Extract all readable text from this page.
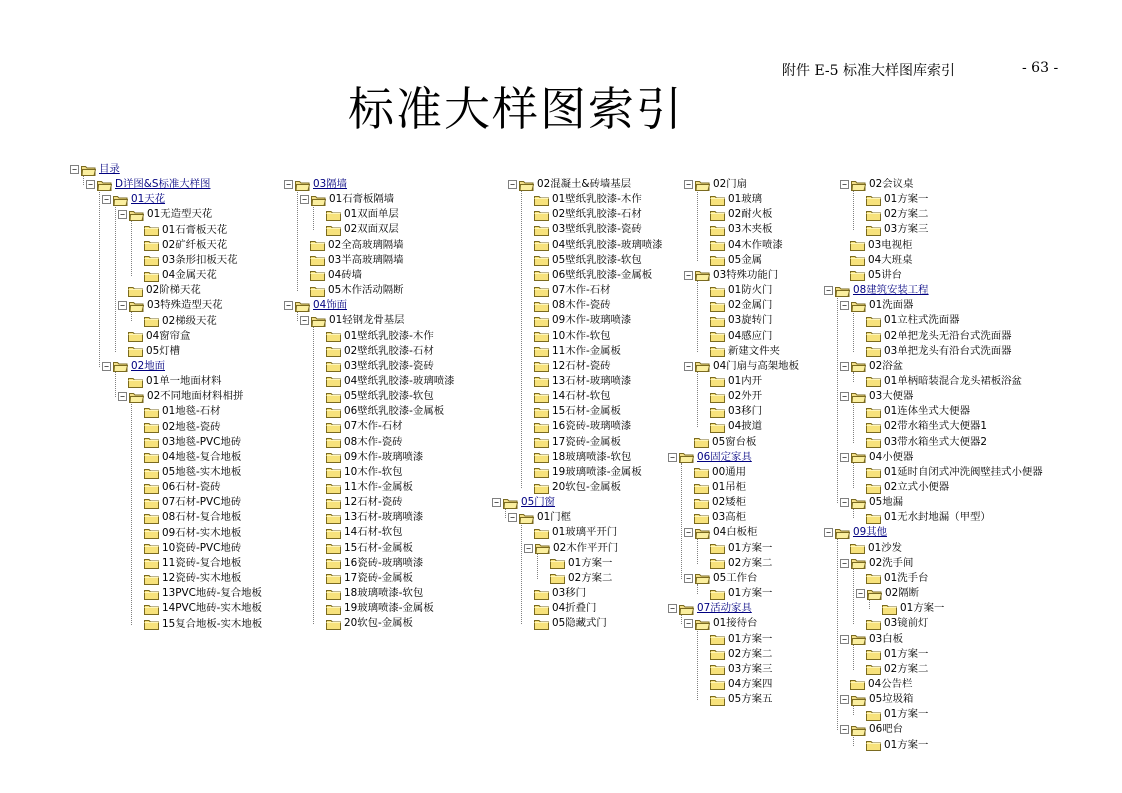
附件 E-5 标准大样图库索引	- 63 -
标准大样图索引
− 目录
− D详图&S标准大样图
− 01天花
− 01无造型天花
01石膏板天花
02矿纤板天花
03条形扣板天花
04金属天花
02阶梯天花
− 03特殊造型天花
02梯级天花
04窗帘盒
05灯槽
− 02地面
01单一地面材料
− 02不同地面材料相拼
01地毯-石材
02地毯-瓷砖
03地毯-PVC地砖
04地毯-复合地板
05地毯-实木地板
06石材-瓷砖
07石材-PVC地砖
08石材-复合地板
09石材-实木地板
10瓷砖-PVC地砖
11瓷砖-复合地板
12瓷砖-实木地板
13PVC地砖-复合地板
14PVC地砖-实木地板
15复合地板-实木地板
− 03隔墙
− 01石膏板隔墙
01双面单层
02双面双层
02全高玻璃隔墙
03半高玻璃隔墙
04砖墙
05木作活动隔断
− 04饰面
− 01轻钢龙骨基层
01壁纸乳胶漆-木作
02壁纸乳胶漆-石材
03壁纸乳胶漆-瓷砖
04壁纸乳胶漆-玻璃喷漆
05壁纸乳胶漆-软包
06壁纸乳胶漆-金属板
07木作-石材
08木作-瓷砖
09木作-玻璃喷漆
10木作-软包
11木作-金属板
12石材-瓷砖
13石材-玻璃喷漆
14石材-软包
15石材-金属板
16瓷砖-玻璃喷漆
17瓷砖-金属板
18玻璃喷漆-软包
19玻璃喷漆-金属板
20软包-金属板
− 02混凝土&砖墙基层
01壁纸乳胶漆-木作
02壁纸乳胶漆-石材
03壁纸乳胶漆-瓷砖
04壁纸乳胶漆-玻璃喷漆
05壁纸乳胶漆-软包
06壁纸乳胶漆-金属板
07木作-石材
08木作-瓷砖
09木作-玻璃喷漆
10木作-软包
11木作-金属板
12石材-瓷砖
13石材-玻璃喷漆
14石材-软包
15石材-金属板
16瓷砖-玻璃喷漆
17瓷砖-金属板
18玻璃喷漆-软包
19玻璃喷漆-金属板
20软包-金属板
− 05门窗
− 01门框
01玻璃平开门
− 02木作平开门
01方案一
02方案二
03移门
04折叠门
05隐藏式门
− 02门扇
01玻璃
02耐火板
03木夹板
04木作喷漆
05金属
− 03特殊功能门
01防火门
02金属门
03旋转门
04感应门
新建文件夹
− 04门扇与高架地板
01内开
02外开
03移门
04披道
05窗台板
− 06固定家具
00通用
01吊柜
02矮柜
03高柜
− 04白板柜
01方案一
02方案二
− 05工作台
01方案一
− 07活动家具
− 01接待台
01方案一
02方案二
03方案三
04方案四
05方案五
− 02会议桌
01方案一
02方案二
03方案三
03电视柜
04大班桌
05讲台
− 08建筑安装工程
− 01洗面器
01立柱式洗面器
02单把龙头无沿台式洗面器
03单把龙头有沿台式洗面器
− 02浴盆
01单柄暗装混合龙头裙板浴盆
− 03大便器
01连体坐式大便器
02带水箱坐式大便器1
03带水箱坐式大便器2
− 04小便器
01延时自闭式冲洗阀壁挂式小便器
02立式小便器
− 05地漏
01无水封地漏（甲型）
− 09其他
01沙发
− 02洗手间
01洗手台
− 02隔断
01方案一
03镜前灯
− 03白板
01方案一
02方案二
04公告栏
− 05垃圾箱
01方案一
− 06吧台
01方案一
